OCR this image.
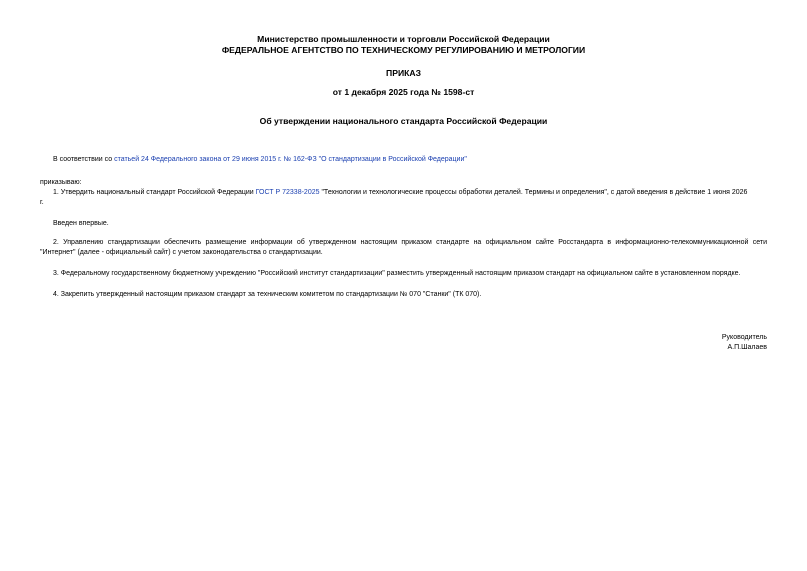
Министерство промышленности и торговли Российской Федерации
ФЕДЕРАЛЬНОЕ АГЕНТСТВО ПО ТЕХНИЧЕСКОМУ РЕГУЛИРОВАНИЮ И МЕТРОЛОГИИ
ПРИКАЗ
от 1 декабря 2025 года № 1598-ст
Об утверждении национального стандарта Российской Федерации
В соответствии со статьей 24 Федерального закона от 29 июня 2015 г. № 162-ФЗ "О стандартизации в Российской Федерации"
приказываю:
1. Утвердить национальный стандарт Российской Федерации ГОСТ Р 72338-2025 "Технологии и технологические процессы обработки деталей. Термины и определения", с датой введения в действие 1 июня 2026
г.
Введен впервые.
2. Управлению стандартизации обеспечить размещение информации об утвержденном настоящим приказом стандарте на официальном сайте Росстандарта в информационно-телекоммуникационной сети
"Интернет" (далее - официальный сайт) с учетом законодательства о стандартизации.
3. Федеральному государственному бюджетному учреждению "Российский институт стандартизации" разместить утвержденный настоящим приказом стандарт на официальном сайте в установленном порядке.
4. Закрепить утвержденный настоящим приказом стандарт за техническим комитетом по стандартизации № 070 "Станки" (ТК 070).
Руководитель
А.П.Шалаев
